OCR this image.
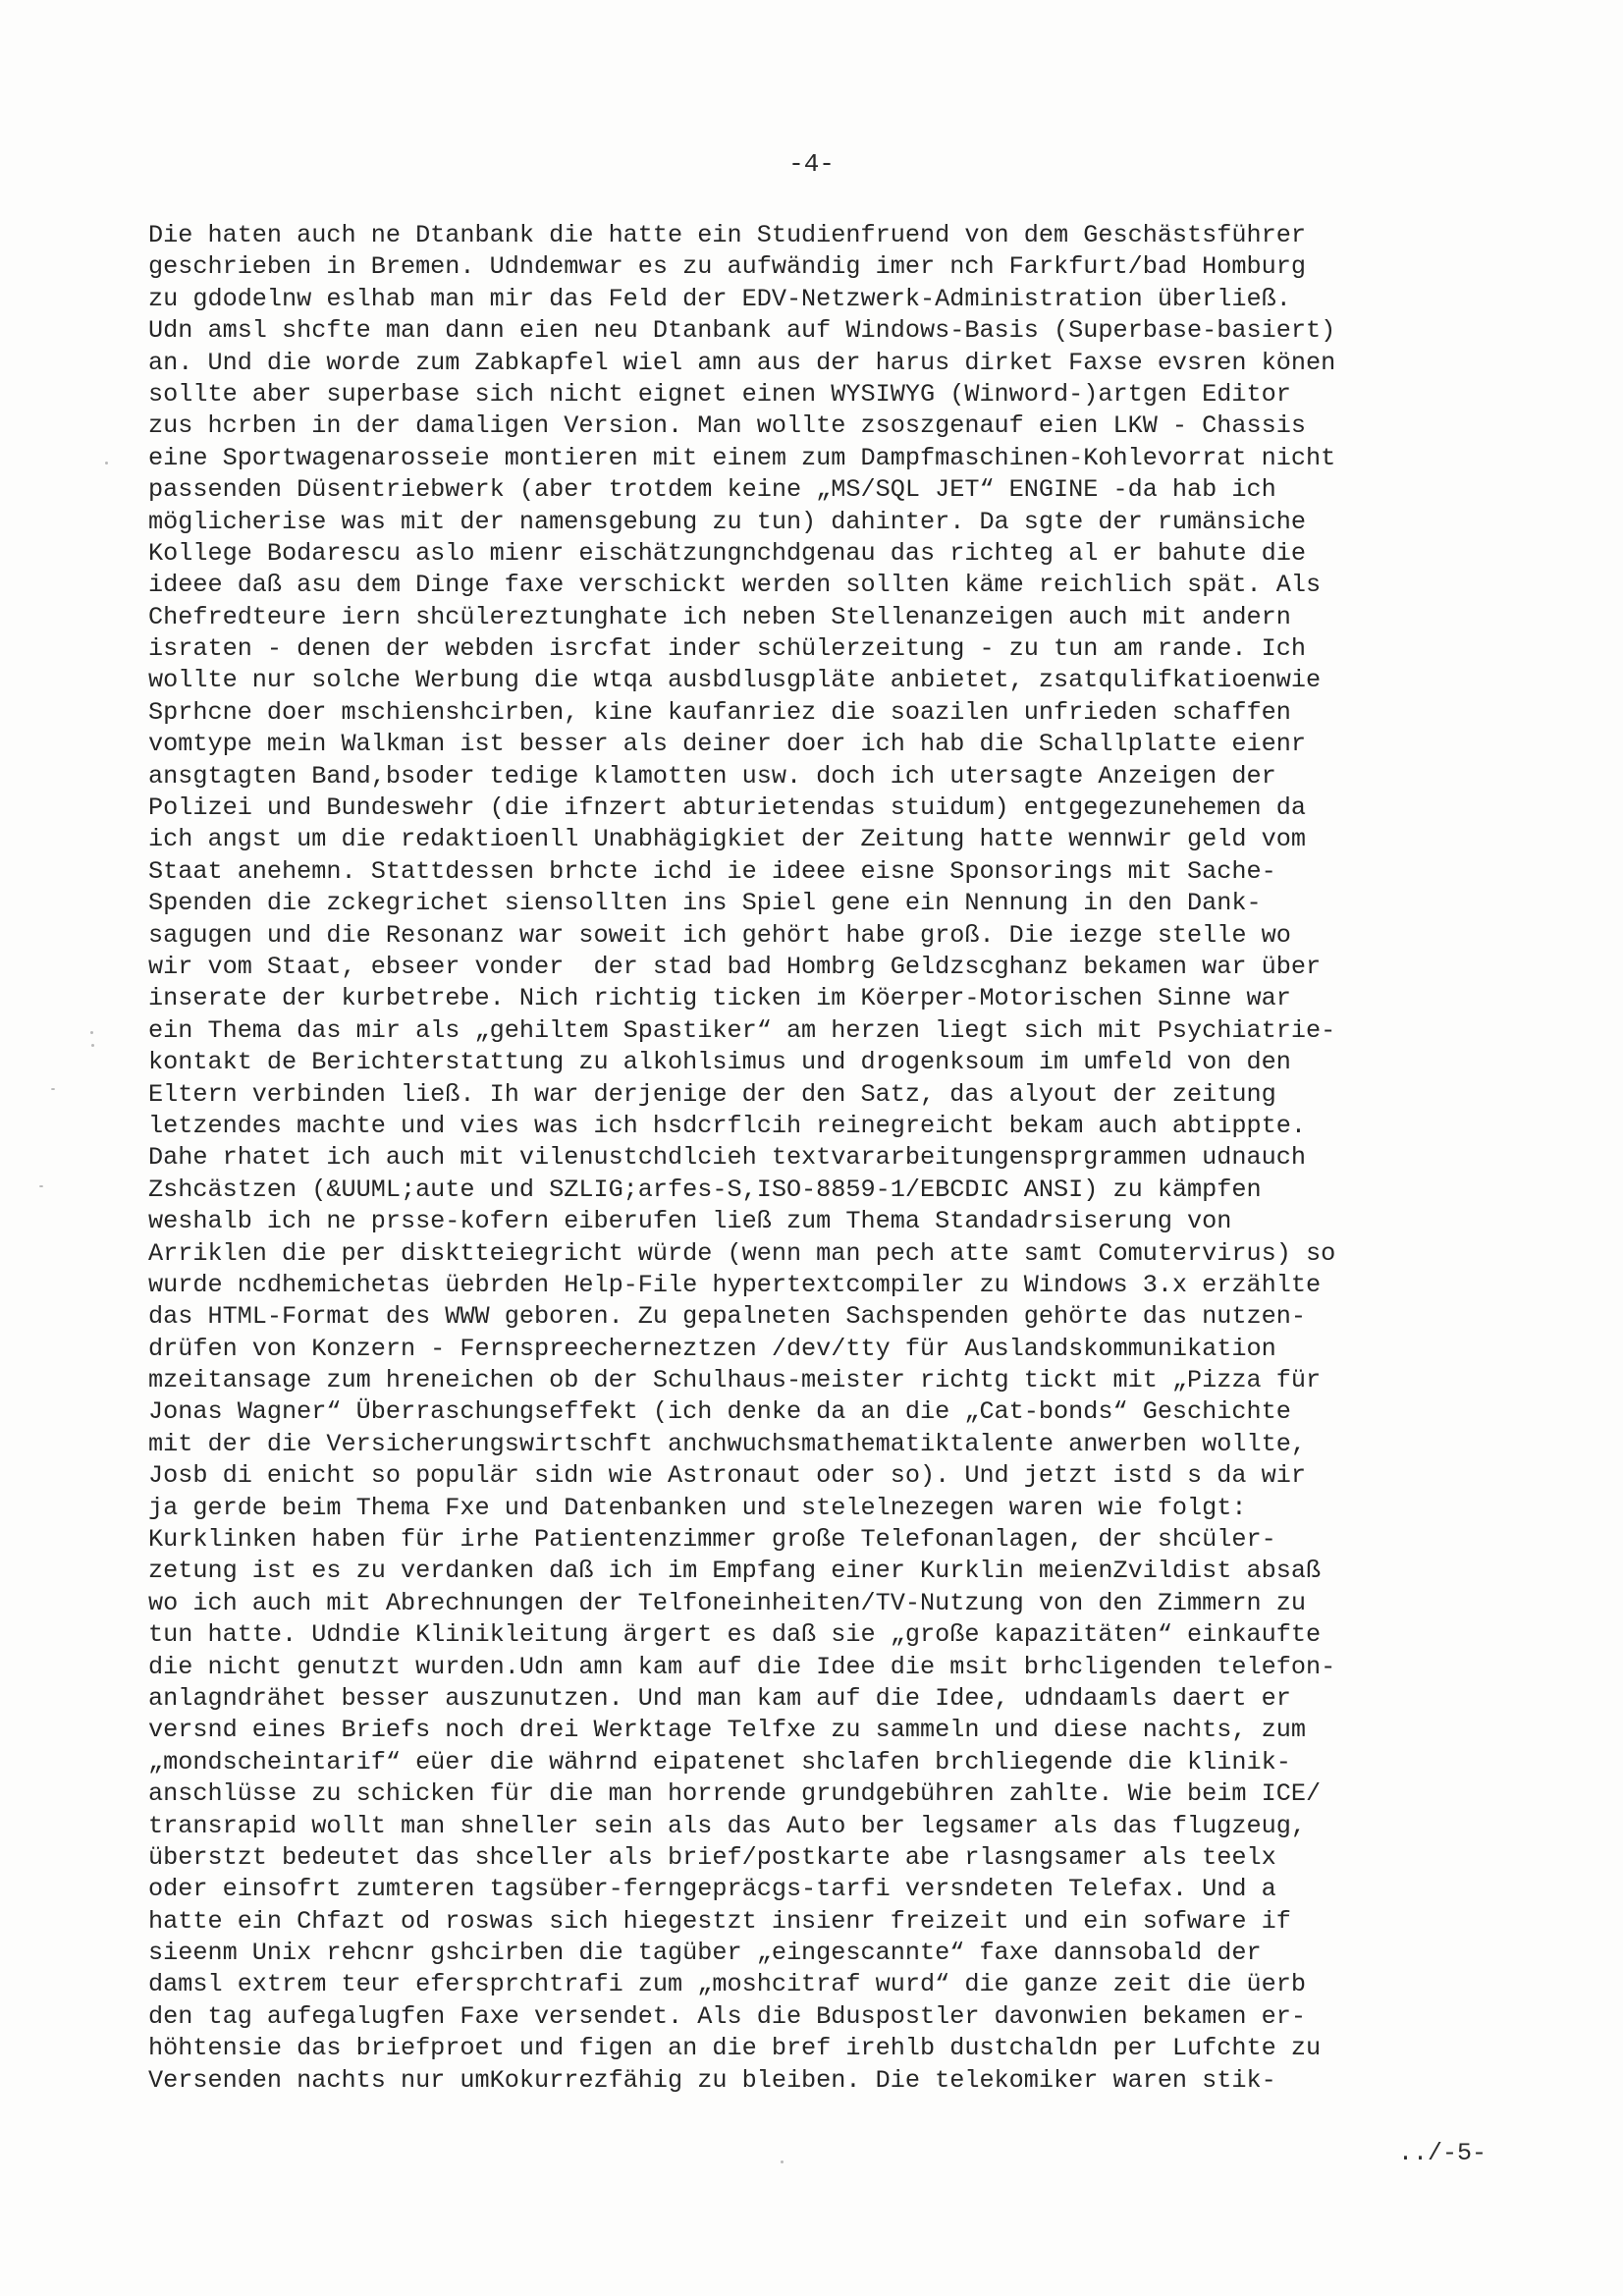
-4-
Die haten auch ne Dtanbank die hatte ein Studienfruend von dem Geschästsführer
geschrieben in Bremen. Udndemwar es zu aufwändig imer nch Farkfurt/bad Homburg
zu gdodelnw eslhab man mir das Feld der EDV-Netzwerk-Administration überließ.
Udn amsl shcfte man dann eien neu Dtanbank auf Windows-Basis (Superbase-basiert)
an. Und die worde zum Zabkapfel wiel amn aus der harus dirket Faxse evsren könen
sollte aber superbase sich nicht eignet einen WYSIWYG (Winword-)artgen Editor
zus hcrben in der damaligen Version. Man wollte zsoszgenauf eien LKW - Chassis
eine Sportwagenarosseie montieren mit einem zum Dampfmaschinen-Kohlevorrat nicht
passenden Düsentriebwerk (aber trotdem keine „MS/SQL JET“ ENGINE -da hab ich
möglicherise was mit der namensgebung zu tun) dahinter. Da sgte der rumänsiche
Kollege Bodarescu aslo mienr eischätzungnchdgenau das richteg al er bahute die
ideee daß asu dem Dinge faxe verschickt werden sollten käme reichlich spät. Als
Chefredteure iern shcülereztunghate ich neben Stellenanzeigen auch mit andern
israten - denen der webden isrcfat inder schülerzeitung - zu tun am rande. Ich
wollte nur solche Werbung die wtqa ausbdlusgpläte anbietet, zsatqulifkatioenwie
Sprhcne doer mschienshcirben, kine kaufanriez die soazilen unfrieden schaffen
vomtype mein Walkman ist besser als deiner doer ich hab die Schallplatte eienr
ansgtagten Band,bsoder tedige klamotten usw. doch ich utersagte Anzeigen der
Polizei und Bundeswehr (die ifnzert abturietendas stuidum) entgegezunehemen da
ich angst um die redaktioenll Unabhägigkiet der Zeitung hatte wennwir geld vom
Staat anehemn. Stattdessen brhcte ichd ie ideee eisne Sponsorings mit Sache-
Spenden die zckegrichet siensollten ins Spiel gene ein Nennung in den Dank-
sagugen und die Resonanz war soweit ich gehört habe groß. Die iezge stelle wo
wir vom Staat, ebseer vonder  der stad bad Hombrg Geldzscghanz bekamen war über
inserate der kurbetrebe. Nich richtig ticken im Köerper-Motorischen Sinne war
ein Thema das mir als „gehiltem Spastiker“ am herzen liegt sich mit Psychiatrie-
kontakt de Berichterstattung zu alkohlsimus und drogenksoum im umfeld von den
Eltern verbinden ließ. Ih war derjenige der den Satz, das alyout der zeitung
letzendes machte und vies was ich hsdcrflcih reinegreicht bekam auch abtippte.
Dahe rhatet ich auch mit vilenustchdlcieh textvararbeitungensprgrammen udnauch
Zshcästzen (&UUML;aute und SZLIG;arfes-S,ISO-8859-1/EBCDIC ANSI) zu kämpfen
weshalb ich ne prsse-kofern eiberufen ließ zum Thema Standadrsiserung von
Arriklen die per disktteiegricht würde (wenn man pech atte samt Comutervirus) so
wurde ncdhemichetas üebrden Help-File hypertextcompiler zu Windows 3.x erzählte
das HTML-Format des WWW geboren. Zu gepalneten Sachspenden gehörte das nutzen-
drüfen von Konzern - Fernspreecherneztzen /dev/tty für Auslandskommunikation
mzeitansage zum hreneichen ob der Schulhaus-meister richtg tickt mit „Pizza für
Jonas Wagner“ Überraschungseffekt (ich denke da an die „Cat-bonds“ Geschichte
mit der die Versicherungswirtschft anchwuchsmathematiktalente anwerben wollte,
Josb di enicht so populär sidn wie Astronaut oder so). Und jetzt istd s da wir
ja gerde beim Thema Fxe und Datenbanken und stelelnezegen waren wie folgt:
Kurklinken haben für irhe Patientenzimmer große Telefonanlagen, der shcüler-
zetung ist es zu verdanken daß ich im Empfang einer Kurklin meienZvildist absaß
wo ich auch mit Abrechnungen der Telfoneinheiten/TV-Nutzung von den Zimmern zu
tun hatte. Udndie Klinikleitung ärgert es daß sie „große kapazitäten“ einkaufte
die nicht genutzt wurden.Udn amn kam auf die Idee die msit brhcligenden telefon-
anlagndrähet besser auszunutzen. Und man kam auf die Idee, udndaamls daert er
versnd eines Briefs noch drei Werktage Telfxe zu sammeln und diese nachts, zum
„mondscheintarif“ eüer die währnd eipatenet shclafen brchliegende die klinik-
anschlüsse zu schicken für die man horrende grundgebühren zahlte. Wie beim ICE/
transrapid wollt man shneller sein als das Auto ber legsamer als das flugzeug,
überstzt bedeutet das shceller als brief/postkarte abe rlasngsamer als teelx
oder einsofrt zumteren tagsüber-ferngepräcgs-tarfi versndeten Telefax. Und a
hatte ein Chfazt od roswas sich hiegestzt insienr freizeit und ein sofware if
sieenm Unix rehcnr gshcirben die tagüber „eingescannte“ faxe dannsobald der
damsl extrem teur efersprchtrafi zum „moshcitraf wurd“ die ganze zeit die üerb
den tag aufegalugfen Faxe versendet. Als die Bduspostler davonwien bekamen er-
höhtensie das briefproet und figen an die bref irehlb dustchaldn per Lufchte zu
Versenden nachts nur umKokurrezfähig zu bleiben. Die telekomiker waren stik-
../-5-
